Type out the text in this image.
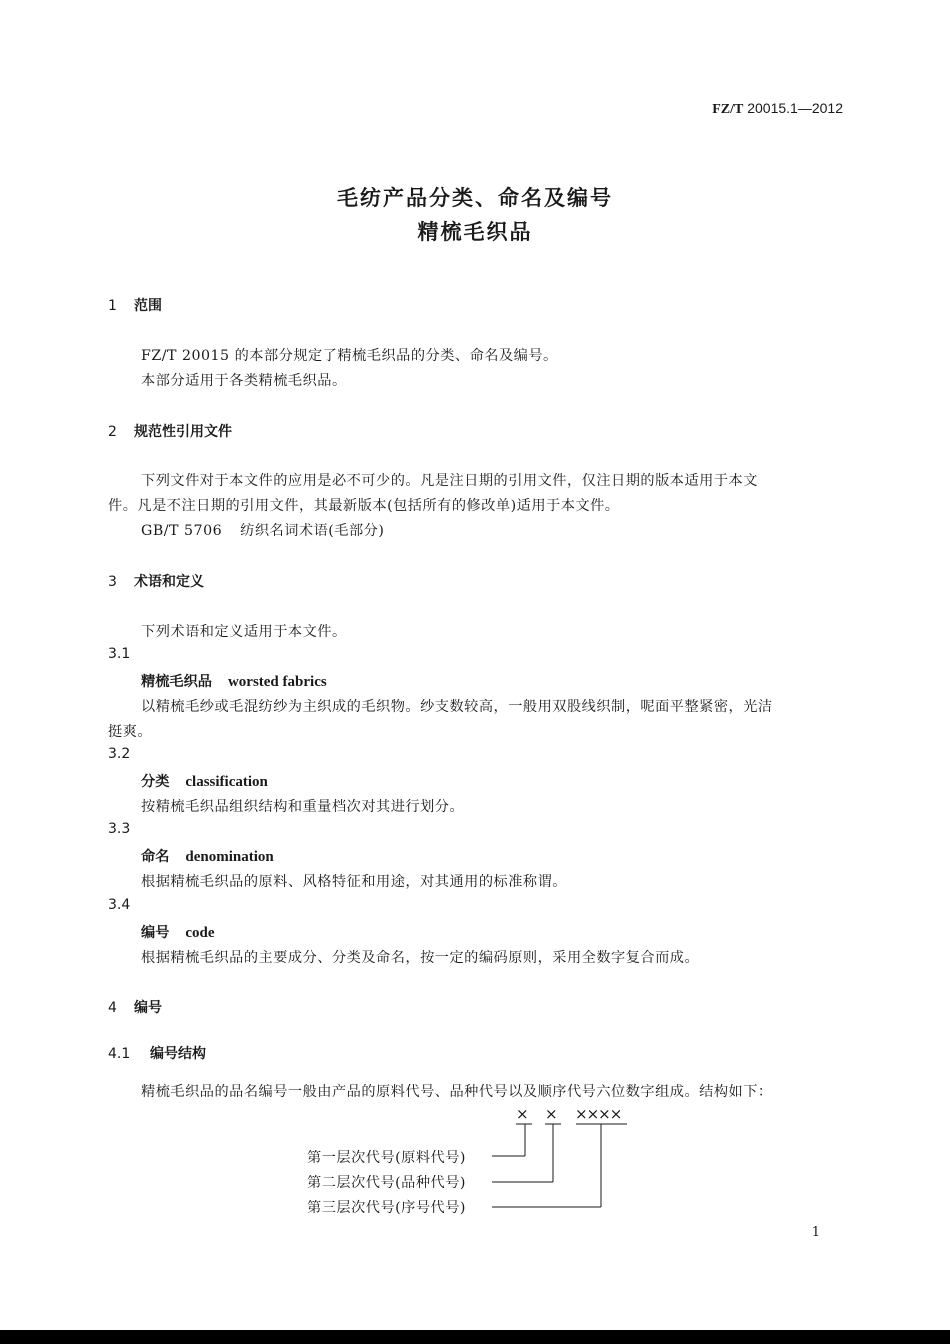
FZ/T 20015.1—2012
毛纺产品分类、命名及编号
精梳毛织品
1 范围
FZ/T 20015 的本部分规定了精梳毛织品的分类、命名及编号。
本部分适用于各类精梳毛织品。
2 规范性引用文件
下列文件对于本文件的应用是必不可少的。凡是注日期的引用文件，仅注日期的版本适用于本文
件。凡是不注日期的引用文件，其最新版本(包括所有的修改单)适用于本文件。
GB/T 5706 纺织名词术语(毛部分)
3 术语和定义
下列术语和定义适用于本文件。
3.1
精梳毛织品 worsted fabrics
以精梳毛纱或毛混纺纱为主织成的毛织物。纱支数较高，一般用双股线织制，呢面平整紧密，光洁
挺爽。
3.2
分类 classification
按精梳毛织品组织结构和重量档次对其进行划分。
3.3
命名 denomination
根据精梳毛织品的原料、风格特征和用途，对其通用的标准称谓。
3.4
编号 code
根据精梳毛织品的主要成分、分类及命名，按一定的编码原则，采用全数字复合而成。
4 编号
4.1 编号结构
精梳毛织品的品名编号一般由产品的原料代号、品种代号以及顺序代号六位数字组成。结构如下：
× × ××××
第一层次代号(原料代号)
第二层次代号(品种代号)
第三层次代号(序号代号)
1
